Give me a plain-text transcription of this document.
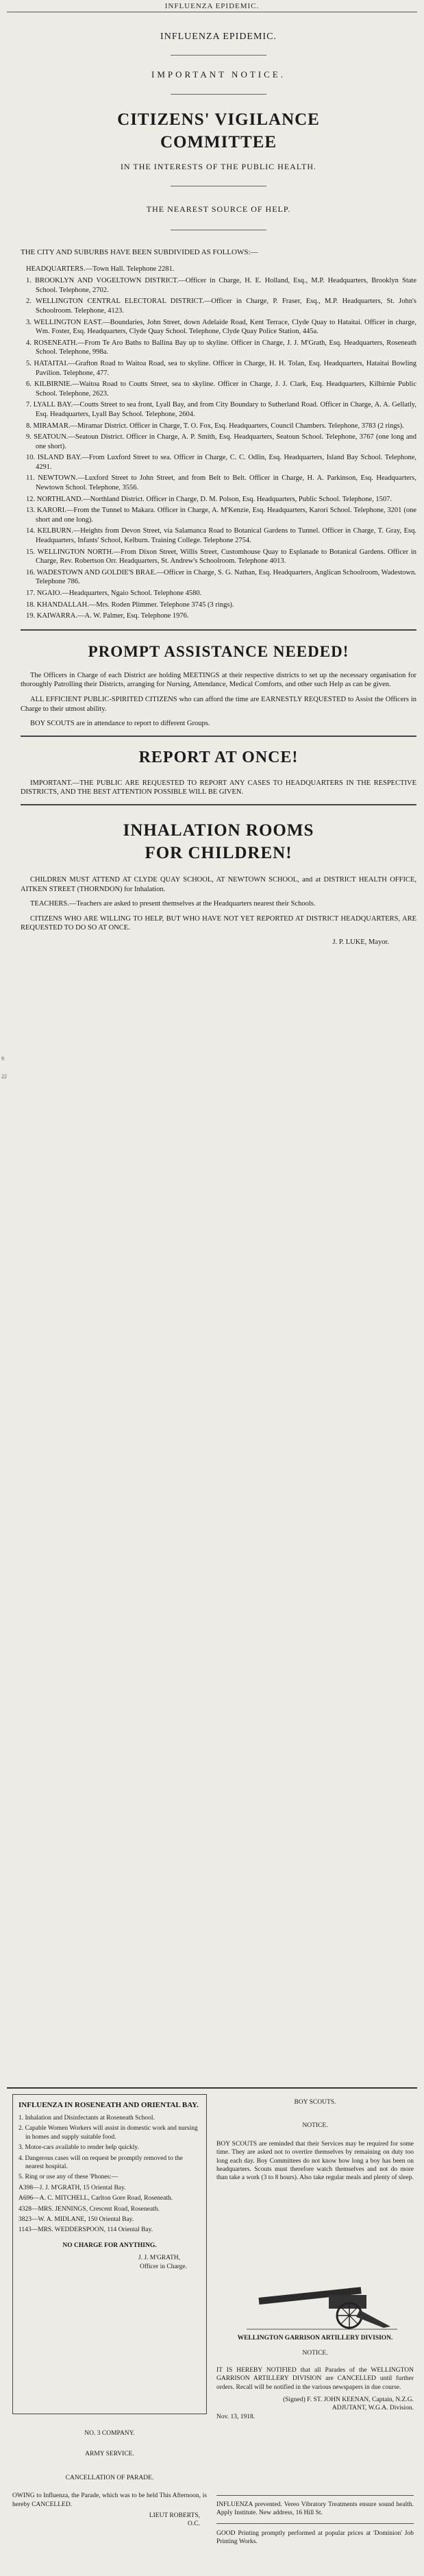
9
22
INFLUENZA EPIDEMIC.
INFLUENZA EPIDEMIC.
IMPORTANT NOTICE.
CITIZENS' VIGILANCE
COMMITTEE
IN THE INTERESTS OF THE PUBLIC HEALTH.
THE NEAREST SOURCE OF HELP.
THE CITY AND SUBURBS HAVE BEEN SUBDIVIDED AS FOLLOWS:—
HEADQUARTERS.—Town Hall. Telephone 2281.
1. BROOKLYN AND VOGELTOWN DISTRICT.—Officer in Charge, H. E. Holland, Esq., M.P. Headquarters, Brooklyn State School. Telephone, 2702.
2. WELLINGTON CENTRAL ELECTORAL DISTRICT.—Officer in Charge, P. Fraser, Esq., M.P. Headquarters, St. John's Schoolroom. Telephone, 4123.
3. WELLINGTON EAST.—Boundaries, John Street, down Adelaide Road, Kent Terrace, Clyde Quay to Hataitai. Officer in charge, Wm. Foster, Esq. Headquarters, Clyde Quay School. Telephone, Clyde Quay Police Station, 445a.
4. ROSENEATH.—From Te Aro Baths to Ballina Bay up to skyline. Officer in Charge, J. J. M'Grath, Esq. Headquarters, Roseneath School. Telephone, 998a.
5. HATAITAI.—Grafton Road to Waitoa Road, sea to skyline. Officer in Charge, H. H. Tolan, Esq. Headquarters, Hataitai Bowling Pavilion. Telephone, 477.
6. KILBIRNIE.—Waitoa Road to Coutts Street, sea to skyline. Officer in Charge, J. J. Clark, Esq. Headquarters, Kilbirnie Public School. Telephone, 2623.
7. LYALL BAY.—Coutts Street to sea front, Lyall Bay, and from City Boundary to Sutherland Road. Officer in Charge, A. A. Gellatly, Esq. Headquarters, Lyall Bay School. Telephone, 2604.
8. MIRAMAR.—Miramar District. Officer in Charge, T. O. Fox, Esq. Headquarters, Council Chambers. Telephone, 3783 (2 rings).
9. SEATOUN.—Seatoun District. Officer in Charge, A. P. Smith, Esq. Headquarters, Seatoun School. Telephone, 3767 (one long and one short).
10. ISLAND BAY.—From Luxford Street to sea. Officer in Charge, C. C. Odlin, Esq. Headquarters, Island Bay School. Telephone, 4291.
11. NEWTOWN.—Luxford Street to John Street, and from Belt to Belt. Officer in Charge, H. A. Parkinson, Esq. Headquarters, Newtown School. Telephone, 3556.
12. NORTHLAND.—Northland District. Officer in Charge, D. M. Polson, Esq. Headquarters, Public School. Telephone, 1507.
13. KARORI.—From the Tunnel to Makara. Officer in Charge, A. M'Kenzie, Esq. Headquarters, Karori School. Telephone, 3201 (one short and one long).
14. KELBURN.—Heights from Devon Street, via Salamanca Road to Botanical Gardens to Tunnel. Officer in Charge, T. Gray, Esq. Headquarters, Infants' School, Kelburn. Training College. Telephone 2754.
15. WELLINGTON NORTH.—From Dixon Street, Willis Street, Customhouse Quay to Esplanade to Botanical Gardens. Officer in Charge, Rev. Robertson Orr. Headquarters, St. Andrew's Schoolroom. Telephone 4013.
16. WADESTOWN AND GOLDIE'S BRAE.—Officer in Charge, S. G. Nathan, Esq. Headquarters, Anglican Schoolroom, Wadestown. Telephone 786.
17. NGAIO.—Headquarters, Ngaio School. Telephone 4580.
18. KHANDALLAH.—Mrs. Roden Plimmer. Telephone 3745 (3 rings).
19. KAIWARRA.—A. W. Palmer, Esq. Telephone 1976.
PROMPT ASSISTANCE NEEDED!

The Officers in Charge of each District are holding MEETINGS at their respective districts to set up the necessary organisation for thoroughly Patrolling their Districts, arranging for Nursing, Attendance, Medical Comforts, and other such Help as can be given.

ALL EFFICIENT PUBLIC-SPIRITED CITIZENS who can afford the time are EARNESTLY REQUESTED to Assist the Officers in Charge to their utmost ability.

BOY SCOUTS are in attendance to report to different Groups.

REPORT AT ONCE!

IMPORTANT.—THE PUBLIC ARE REQUESTED TO REPORT ANY CASES TO HEADQUARTERS IN THE RESPECTIVE DISTRICTS, AND THE BEST ATTENTION POSSIBLE WILL BE GIVEN.

INHALATION ROOMS
FOR CHILDREN!

CHILDREN MUST ATTEND AT CLYDE QUAY SCHOOL, AT NEWTOWN SCHOOL, and at DISTRICT HEALTH OFFICE, AITKEN STREET (THORNDON) for Inhalation.

TEACHERS.—Teachers are asked to present themselves at the Headquarters nearest their Schools.

CITIZENS WHO ARE WILLING TO HELP, BUT WHO HAVE NOT YET REPORTED AT DISTRICT HEADQUARTERS, ARE REQUESTED TO DO SO AT ONCE.

J. P. LUKE, Mayor.
INFLUENZA IN ROSENEATH AND ORIENTAL BAY.
1. Inhalation and Disinfectants at Roseneath School.
2. Capable Women Workers will assist in domestic work and nursing in homes and supply suitable food.
3. Motor-cars available to render help quickly.
4. Dangerous cases will on request be promptly removed to the nearest hospital.
5. Ring or use any of these 'Phones:—
A398—J. J. M'GRATH, 15 Oriental Bay.
A696—A. C. MITCHELL, Carlton Gore Road, Roseneath.
4328—MRS. JENNINGS, Crescent Road, Roseneath.
3823—W. A. MIDLANE, 150 Oriental Bay.
1143—MRS. WEDDERSPOON, 114 Oriental Bay.
NO CHARGE FOR ANYTHING.
J. J. M'GRATH,
Officer in Charge.
NO. 3 COMPANY.
ARMY SERVICE.
CANCELLATION OF PARADE.
OWING to Influenza, the Parade, which was to be held This Afternoon, is hereby CANCELLED.
LIEUT ROBERTS,
O.C.
BOY SCOUTS.
NOTICE.
BOY SCOUTS are reminded that their Services may be required for some time. They are asked not to overtire themselves by remaining on duty too long each day. Boy Committees do not know how long a boy has been on headquarters. Scouts must therefore watch themselves and not do more than take a work (3 to 8 hours). Also take regular meals and plenty of sleep.
WELLINGTON GARRISON ARTILLERY DIVISION.
NOTICE.
IT IS HEREBY NOTIFIED that all Parades of the WELLINGTON GARRISON ARTILLERY DIVISION are CANCELLED until further orders. Recall will be notified in the various newspapers in due course.
(Signed) F. ST. JOHN KEENAN, Captain, N.Z.G.
ADJUTANT, W.G.A. Division.
Nov. 13, 1918.
INFLUENZA prevented. Vereo Vibratory Treatments ensure sound health. Apply Institute. New address, 16 Hill St.
GOOD Printing promptly performed at popular prices at 'Dominion' Job Printing Works.
